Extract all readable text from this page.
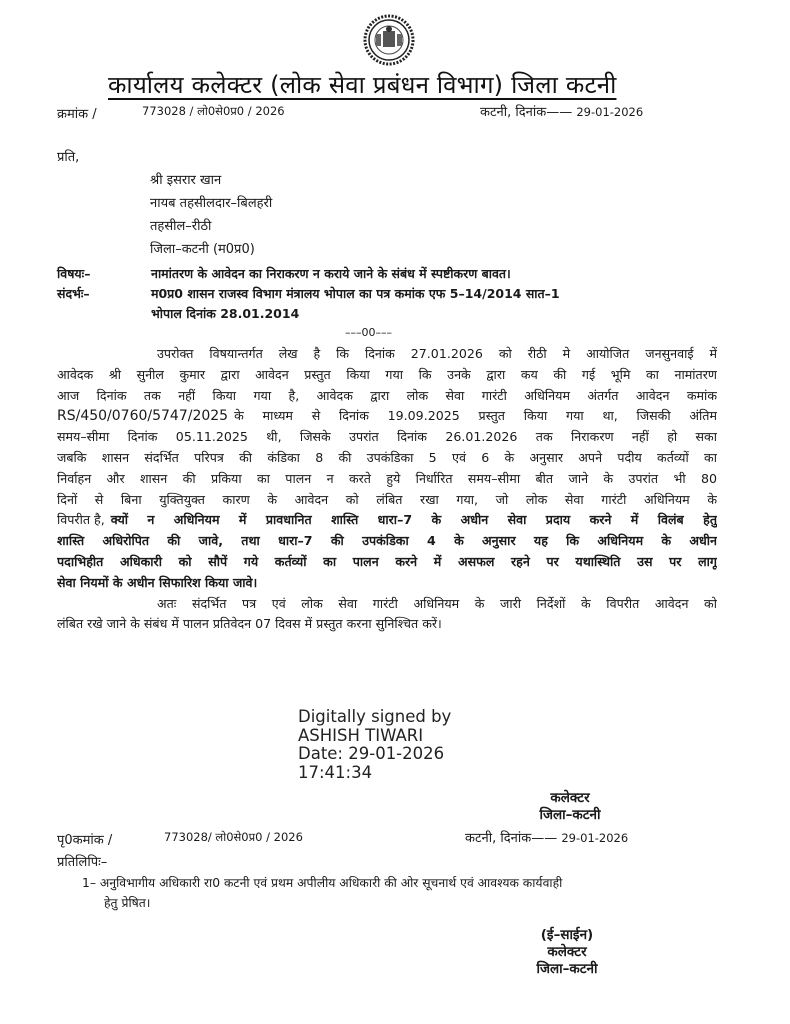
कार्यालय कलेक्टर (लोक सेवा प्रबंधन विभाग) जिला कटनी
क्रमांक /	773028 / लो0से0प्र0 / 2026	कटनी, दिनांक—— 29-01-2026
प्रति,
श्री इसरार खान
नायब तहसीलदार–बिलहरी
तहसील–रीठी
जिला–कटनी (म0प्र0)
विषयः–	नामांतरण के आवेदन का निराकरण न कराये जाने के संबंध में स्पष्टीकरण बावत।
संदर्भः–	म0प्र0 शासन राजस्व विभाग मंत्रालय भोपाल का पत्र कमांक एफ 5–14/2014 सात–1
भोपाल दिनांक 28.01.2014
–––00–––
उपरोक्त विषयान्तर्गत लेख है कि दिनांक 27.01.2026 को रीठी मे आयोजित जनसुनवाई में
आवेदक श्री सुनील कुमार द्वारा आवेदन प्रस्तुत किया गया कि उनके द्वारा कय की गई भूमि का नामांतरण
आज दिनांक तक नहीं किया गया है, आवेदक द्वारा लोक सेवा गारंटी अधिनियम अंतर्गत आवेदन कमांक
RS/450/0760/5747/2025 के माध्यम से दिनांक 19.09.2025 प्रस्तुत किया गया था, जिसकी अंतिम
समय–सीमा दिनांक 05.11.2025 थी, जिसके उपरांत दिनांक 26.01.2026 तक निराकरण नहीं हो सका
जबकि शासन संदर्भित परिपत्र की कंडिका 8 की उपकंडिका 5 एवं 6 के अनुसार अपने पदीय कर्तव्यों का
निर्वाहन और शासन की प्रकिया का पालन न करते हुये निर्धारित समय–सीमा बीत जाने के उपरांत भी 80
दिनों से बिना युक्तियुक्त कारण के आवेदन को लंबित रखा गया, जो लोक सेवा गारंटी अधिनियम के
विपरीत है, क्यों न अधिनियम में प्रावधानित शास्ति धारा–7 के अधीन सेवा प्रदाय करने में विलंब हेतु
शास्ति अधिरोपित की जावे, तथा धारा–7 की उपकंडिका 4 के अनुसार यह कि अधिनियम के अधीन
पदाभिहीत अधिकारी को सौपें गये कर्तव्यों का पालन करने में असफल रहने पर यथास्थिति उस पर लागू
सेवा नियमों के अधीन सिफारिश किया जावे।
अतः संदर्भित पत्र एवं लोक सेवा गारंटी अधिनियम के जारी निर्देशों के विपरीत आवेदन को
लंबित रखे जाने के संबंध में पालन प्रतिवेदन 07 दिवस में प्रस्तुत करना सुनिश्चित करें।
Digitally signed by
ASHISH TIWARI
Date: 29-01-2026
17:41:34
कलेक्टर
जिला–कटनी
पृ0कमांक /	773028/ लो0से0प्र0 / 2026	कटनी, दिनांक—— 29-01-2026
प्रतिलिपिः–
1– अनुविभागीय अधिकारी रा0 कटनी एवं प्रथम अपीलीय अधिकारी की ओर सूचनार्थ एवं आवश्यक कार्यवाही
हेतु प्रेषित।
(ई–साईन)
कलेक्टर
जिला–कटनी
